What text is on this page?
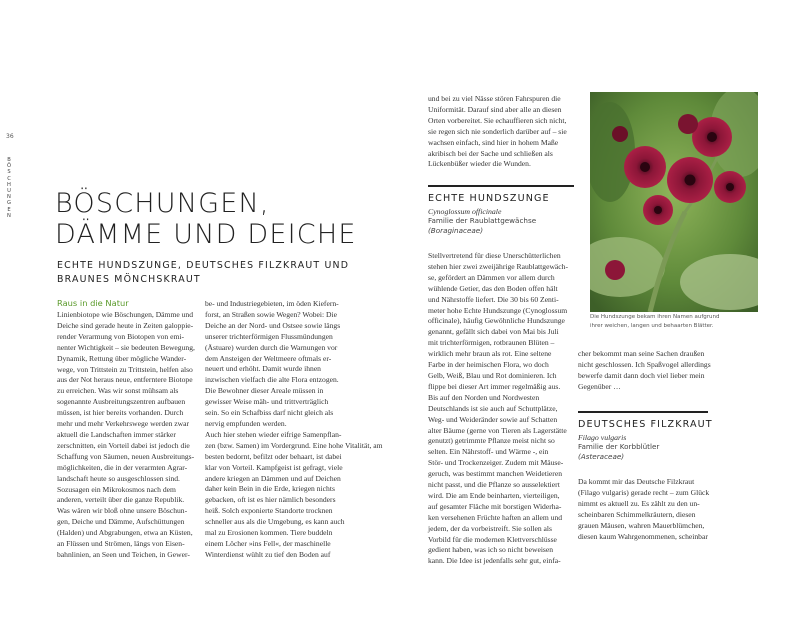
36
B
Ö
S
C
H
U
N
G
E
N BÖSCHUNGEN,
DÄMME UND DEICHE
ECHTE HUNDSZUNGE, DEUTSCHES FILZKRAUT UND
BRAUNES MÖNCHSKRAUT
Raus in die Natur
Linienbiotope wie Böschungen, Dämme und
Deiche sind gerade heute in Zeiten galoppie-
render Verarmung von Biotopen von emi-
nenter Wichtigkeit – sie bedeuten Bewegung,
Dynamik, Rettung über mögliche Wander-
wege, von Trittstein zu Trittstein, helfen also
aus der Not heraus neue, entferntere Biotope
zu erreichen. Was wir sonst mühsam als
sogenannte Ausbreitungszentren aufbauen
müssen, ist hier bereits vorhanden. Durch
mehr und mehr Verkehrswege werden zwar
aktuell die Landschaften immer stärker
zerschnitten, ein Vorteil dabei ist jedoch die
Schaffung von Säumen, neuen Ausbreitungs-
möglichkeiten, die in der verarmten Agrar-
landschaft heute so ausgeschlossen sind.
Sozusagen ein Mikrokosmos nach dem
anderen, verteilt über die ganze Republik.
Was wären wir bloß ohne unsere Böschun-
gen, Deiche und Dämme, Aufschüttungen
(Halden) und Abgrabungen, etwa an Küsten,
an Flüssen und Strömen, längs von Eisen-
bahnlinien, an Seen und Teichen, in Gewer-
be- und Industriegebieten, im öden Kiefern-
forst, an Straßen sowie Wegen? Wobei: Die
Deiche an der Nord- und Ostsee sowie längs
unserer trichterförmigen Flussmündungen
(Ästuare) wurden durch die Warnungen vor
dem Ansteigen der Weltmeere oftmals er-
neuert und erhöht. Damit wurde ihnen
inzwischen vielfach die alte Flora entzogen.
Die Bewohner dieser Areale müssen in
gewisser Weise mäh- und trittverträglich
sein. So ein Schafbiss darf nicht gleich als
nervig empfunden werden.
Auch hier stehen wieder eifrige Samenpflan-
zen (bzw. Samen) im Vordergrund. Eine hohe Vitalität, am
besten bedornt, befilzt oder behaart, ist dabei
klar von Vorteil. Kampfgeist ist gefragt, viele
andere kriegen an Dämmen und auf Deichen
daher kein Bein in die Erde, kriegen nichts
gebacken, oft ist es hier nämlich besonders
heiß. Solch exponierte Standorte trocknen
schneller aus als die Umgebung, es kann auch
mal zu Erosionen kommen. Tiere buddeln
einem Löcher »ins Fell«, der maschinelle
Winterdienst wühlt zu tief den Boden auf
und bei zu viel Nässe stören Fahrspuren die
Uniformität. Darauf sind aber alle an diesen
Orten vorbereitet. Sie echauffieren sich nicht,
sie regen sich nie sonderlich darüber auf – sie
wachsen einfach, sind hier in hohem Maße
akribisch bei der Sache und schließen als
Lückenbüßer wieder die Wunden.
ECHTE HUNDSZUNGE
Cynoglossum officinale
Familie der Raublattgewächse
(Boraginaceae)
Stellvertretend für diese Unerschütterlichen
stehen hier zwei zweijährige Raublattgewäch-
se, gefördert an Dämmen vor allem durch
wühlende Getier, das den Boden offen hält
und Nährstoffe liefert. Die 30 bis 60 Zenti-
meter hohe Echte Hundszunge (Cynoglossum
officinale), häufig Gewöhnliche Hundszunge
genannt, gefällt sich dabei von Mai bis Juli
mit trichterförmigen, rotbraunen Blüten –
wirklich mehr braun als rot. Eine seltene
Farbe in der heimischen Flora, wo doch
Gelb, Weiß, Blau und Rot dominieren. Ich
flippe bei dieser Art immer regelmäßig aus.
Bis auf den Norden und Nordwesten
Deutschlands ist sie auch auf Schuttplätze,
Weg- und Weideränder sowie auf Schatten
alter Bäume (gerne von Tieren als Lagerstätte
genutzt) getrimmte Pflanze meist nicht so
selten. Ein Nährstoff- und Wärme -, ein
Stör- und Trockenzeiger. Zudem mit Mäuse-
geruch, was bestimmt manchen Weidetieren
nicht passt, und die Pflanze so ausselektiert
wird. Die am Ende beinharten, vierteiligen,
auf gesamter Fläche mit borstigen Widerha-
ken versehenen Früchte haften an allem und
jedem, der da vorbeistreift. Sie sollen als
Vorbild für die modernen Klettverschlüsse
gedient haben, was ich so nicht beweisen
kann. Die Idee ist jedenfalls sehr gut, einfa-
Die Hundszunge bekam ihren Namen aufgrund
ihrer weichen, langen und behaarten Blätter.
cher bekommt man seine Sachen draußen
nicht geschlossen. Ich Spaßvogel allerdings
bewerfe damit dann doch viel lieber mein
Gegenüber …
DEUTSCHES FILZKRAUT
Filago vulgaris
Familie der Korbblütler
(Asteraceae)
Da kommt mir das Deutsche Filzkraut
(Filago vulgaris) gerade recht – zum Glück
nimmt es aktuell zu. Es zählt zu den un-
scheinbaren Schimmelkräutern, diesen
grauen Mäusen, wahren Mauerblümchen,
diesen kaum Wahrgenommenen, scheinbar
